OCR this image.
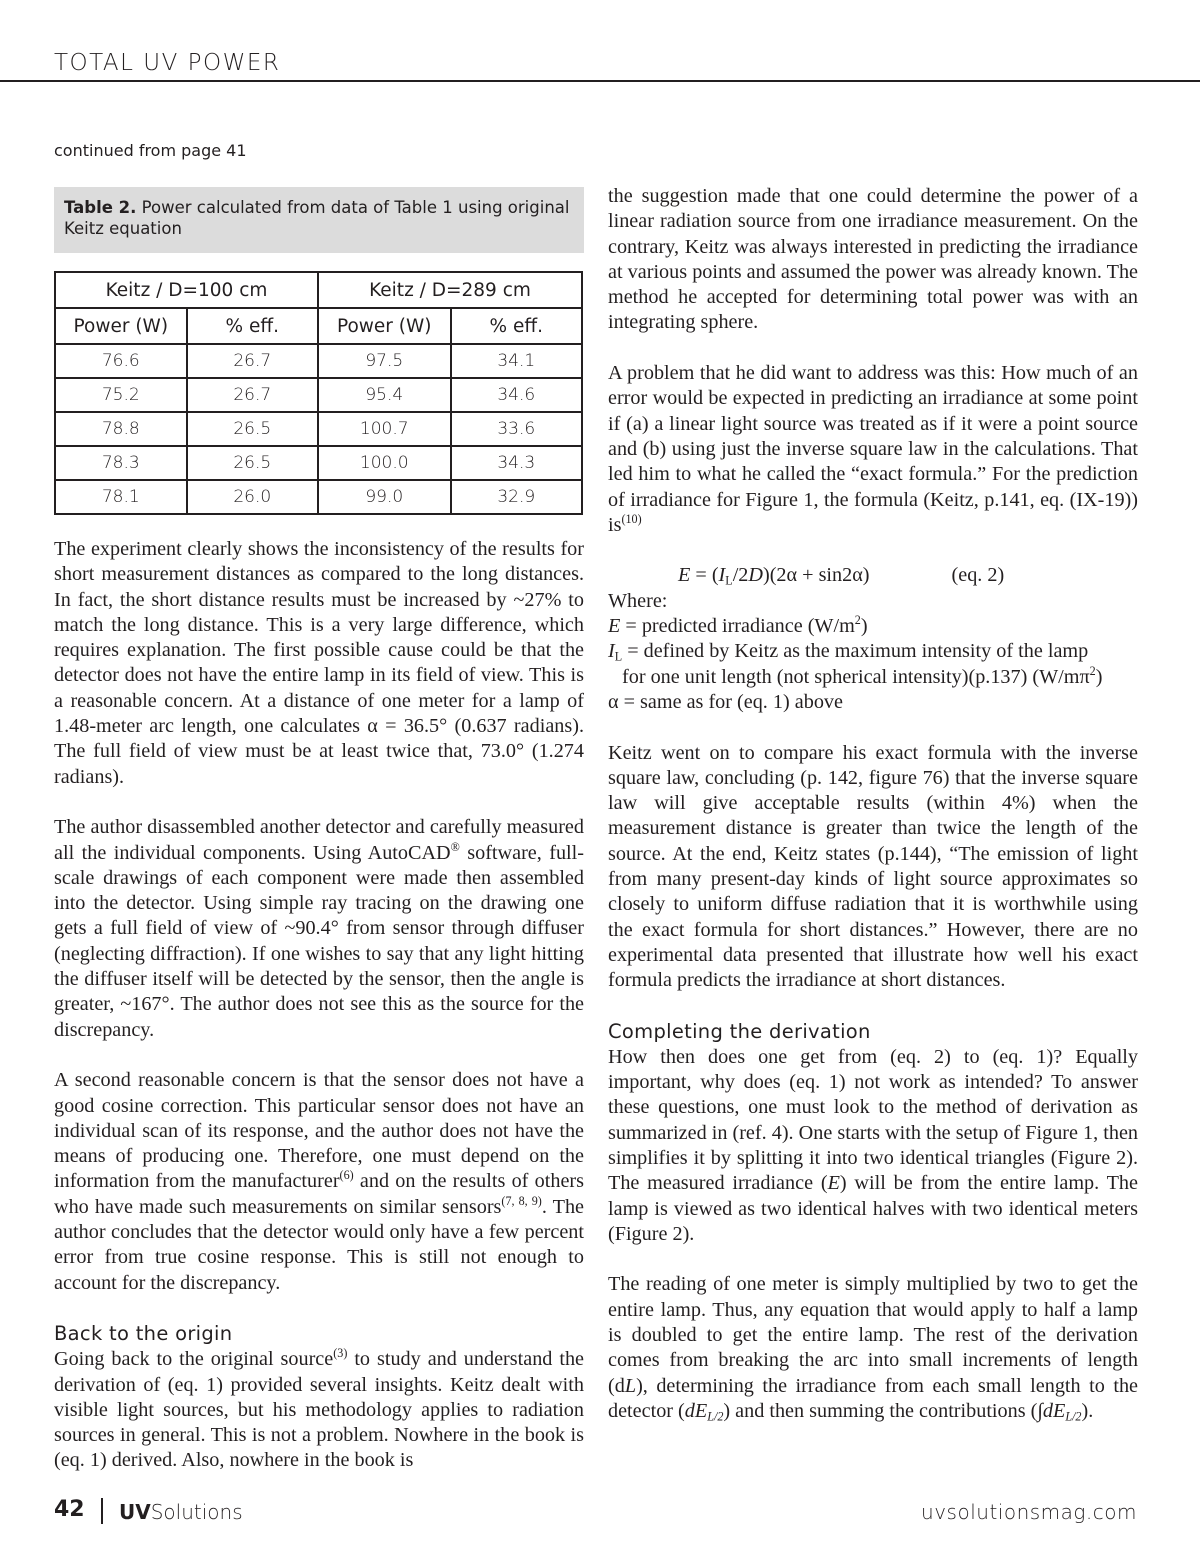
TOTAL UV POWER
continued from page 41
Table 2. Power calculated from data of Table 1 using original Keitz equation
Keitz / D=100 cm		Keitz / D=289 cm	
Power (W)	% eff.	Power (W)	% eff.
76.6	26.7	97.5	34.1
75.2	26.7	95.4	34.6
78.8	26.5	100.7	33.6
78.3	26.5	100.0	34.3
78.1	26.0	99.0	32.9

The experiment clearly shows the inconsistency of the results for short measurement distances as compared to the long distances. In fact, the short distance results must be increased by ~27% to match the long distance. This is a very large difference, which requires explanation. The first possible cause could be that the detector does not have the entire lamp in its field of view. This is a reasonable concern. At a distance of one meter for a lamp of 1.48-meter arc length, one calculates α = 36.5° (0.637 radians). The full field of view must be at least twice that, 73.0° (1.274 radians).

The author disassembled another detector and carefully measured all the individual components. Using AutoCAD® software, full-scale drawings of each component were made then assembled into the detector. Using simple ray tracing on the drawing one gets a full field of view of ~90.4° from sensor through diffuser (neglecting diffraction). If one wishes to say that any light hitting the diffuser itself will be detected by the sensor, then the angle is greater, ~167°. The author does not see this as the source for the discrepancy.

A second reasonable concern is that the sensor does not have a good cosine correction. This particular sensor does not have an individual scan of its response, and the author does not have the means of producing one. Therefore, one must depend on the information from the manufacturer$^{(6)}$ and on the results of others who have made such measurements on similar sensors$^{(7, 8, 9)}$. The author concludes that the detector would only have a few percent error from true cosine response. This is still not enough to account for the discrepancy.

Back to the origin

Going back to the original source$^{(3)}$ to study and understand the derivation of (eq. 1) provided several insights. Keitz dealt with visible light sources, but his methodology applies to radiation sources in general. This is not a problem. Nowhere in the book is (eq. 1) derived. Also, nowhere in the book is

the suggestion made that one could determine the power of a linear radiation source from one irradiance measurement. On the contrary, Keitz was always interested in predicting the irradiance at various points and assumed the power was already known. The method he accepted for determining total power was with an integrating sphere.

A problem that he did want to address was this: How much of an error would be expected in predicting an irradiance at some point if (a) a linear light source was treated as if it were a point source and (b) using just the inverse square law in the calculations. That led him to what he called the “exact formula.” For the prediction of irradiance for Figure 1, the formula (Keitz, p.141, eq. (IX-19)) $is^{(10)}$

$E = (I_L/2D)(2\alpha + \sin 2\alpha)$	(eq. 2)

Where:

E = predicted irradiance $(W/m^2)$

$I_L$ = defined by Keitz as the maximum intensity of the lamp

for one unit length (not spherical intensity)(p.137) $(W/m\pi^2)$

α = same as for (eq. 1) above

Keitz went on to compare his exact formula with the inverse square law, concluding (p. 142, figure 76) that the inverse square law will give acceptable results (within 4%) when the measurement distance is greater than twice the length of the source. At the end, Keitz states (p.144), “The emission of light from many present-day kinds of light source approximates so closely to uniform diffuse radiation that it is worthwhile using the exact formula for short distances.” However, there are no experimental data presented that illustrate how well his exact formula predicts the irradiance at short distances.

Completing the derivation

How then does one get from (eq. 2) to (eq. 1)? Equally important, why does (eq. 1) not work as intended? To answer these questions, one must look to the method of derivation as summarized in (ref. 4). One starts with the setup of Figure 1, then simplifies it by splitting it into two identical triangles (Figure 2). The measured irradiance (E) will be from the entire lamp. The lamp is viewed as two identical halves with two identical meters (Figure 2).

The reading of one meter is simply multiplied by two to get the entire lamp. Thus, any equation that would apply to half a lamp is doubled to get the entire lamp. The rest of the derivation comes from breaking the arc into small increments of length (dL), determining the irradiance from each small length to the detector $(dE_{L/2})$ and then summing the contributions $(\int dE_{L/2})$.

42 UVSolutions	uvsolutionsmag.com
